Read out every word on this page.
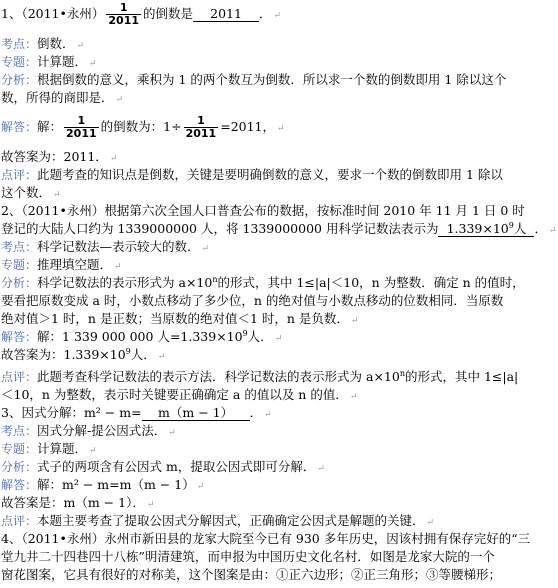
1、（2011•永州） $\frac{1}{2011}$ 的倒数是 2011 ． ↵
考点：倒数． ↵
专题：计算题． ↵
分析：根据倒数的意义，乘积为 1 的两个数互为倒数．所以求一个数的倒数即用 1 除以这个
数，所得的商即是． ↵
解答：解： $\frac{1}{2011}$ 的倒数为：$1\div \frac{1}{2011} =2011$， ↵
故答案为：2011． ↵
点评：此题考查的知识点是倒数，关键是要明确倒数的意义，要求一个数的倒数即用 1 除以
这个数． ↵
2、（2011•永州）根据第六次全国人口普查公布的数据，按标准时间 2010 年 11 月 1 日 0 时
登记的大陆人口约为 1339000000 人，将 1339000000 用科学记数法表示为 $1.339\times 10^9$人 ． ↵
考点：科学记数法—表示较大的数． ↵
专题：推理填空题． ↵
分析：科学记数法的表示形式为 $a\times 10^n$的形式，其中 1≤|a|＜10，n 为整数．确定 n 的值时，
要看把原数变成 a 时，小数点移动了多少位，n 的绝对值与小数点移动的位数相同．当原数
绝对值＞1 时，n 是正数；当原数的绝对值＜1 时，n 是负数． ↵
解答：解：1 339 000 000 人$=1.339\times 10^9$人． ↵
故答案为：$1.339\times 10^9$人． ↵
点评：此题考查科学记数法的表示方法．科学记数法的表示形式为 $a\times 10^n$的形式，其中 1≤|a|
＜10，n 为整数，表示时关键要正确确定 a 的值以及 n 的值． ↵
3、因式分解：m² − m= m（m − 1） ． ↵
考点：因式分解-提公因式法． ↵
专题：计算题． ↵
分析：式子的两项含有公因式 m，提取公因式即可分解． ↵
解答：解：m² − m=m（m − 1） ↵
故答案是：m（m − 1）． ↵
点评：本题主要考查了提取公因式分解因式，正确确定公因式是解题的关键． ↵
4、（2011•永州）永州市新田县的龙家大院至今已有 930 多年历史，因该村拥有保存完好的“三
堂九井二十四巷四十八栋”明清建筑，而申报为中国历史文化名村．如图是龙家大院的一个
窗花图案，它具有很好的对称美，这个图案是由：①正六边形；②正三角形；③等腰梯形；
